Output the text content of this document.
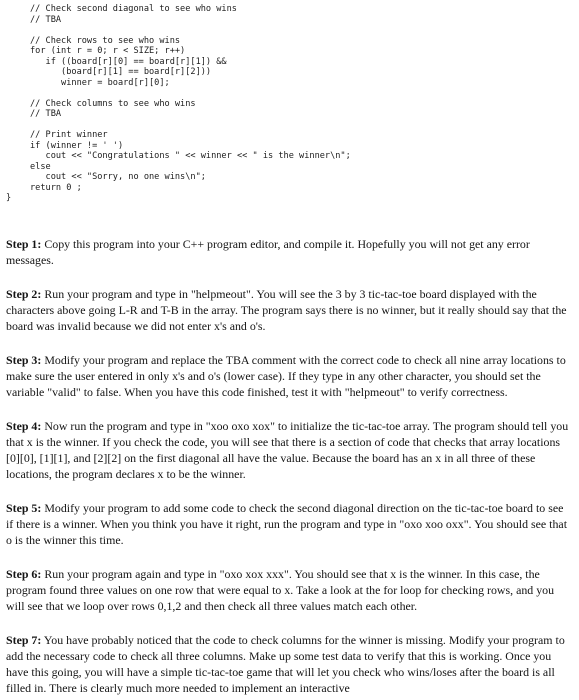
// Check second diagonal to see who wins
// TBA
// Check rows to see who wins
for (int r = 0; r < SIZE; r++)
if ((board[r][0] == board[r][1]) &&
(board[r][1] == board[r][2]))
winner = board[r][0];
// Check columns to see who wins
// TBA
// Print winner
if (winner != ' ')
cout << "Congratulations " << winner << " is the winner\n";
else
cout << "Sorry, no one wins\n";
return 0 ;
}

Step 1: Copy this program into your C++ program editor, and compile it. Hopefully you will not get any error messages.

Step 2: Run your program and type in "helpmeout". You will see the 3 by 3 tic-tac-toe board displayed with the characters above going L-R and T-B in the array. The program says there is no winner, but it really should say that the board was invalid because we did not enter x's and o's.

Step 3: Modify your program and replace the TBA comment with the correct code to check all nine array locations to make sure the user entered in only x's and o's (lower case). If they type in any other character, you should set the variable "valid" to false. When you have this code finished, test it with "helpmeout" to verify correctness.

Step 4: Now run the program and type in "xoo oxo xox" to initialize the tic-tac-toe array. The program should tell you that x is the winner. If you check the code, you will see that there is a section of code that checks that array locations [0][0], [1][1], and [2][2] on the first diagonal all have the value. Because the board has an x in all three of these locations, the program declares x to be the winner.

Step 5: Modify your program to add some code to check the second diagonal direction on the tic-tac-toe board to see if there is a winner. When you think you have it right, run the program and type in "oxo xoo oxx". You should see that o is the winner this time.

Step 6: Run your program again and type in "oxo xox xxx". You should see that x is the winner. In this case, the program found three values on one row that were equal to x. Take a look at the for loop for checking rows, and you will see that we loop over rows 0,1,2 and then check all three values match each other.

Step 7: You have probably noticed that the code to check columns for the winner is missing. Modify your program to add the necessary code to check all three columns. Make up some test data to verify that this is working. Once you have this going, you will have a simple tic-tac-toe game that will let you check who wins/loses after the board is all filled in. There is clearly much more needed to implement an interactive
